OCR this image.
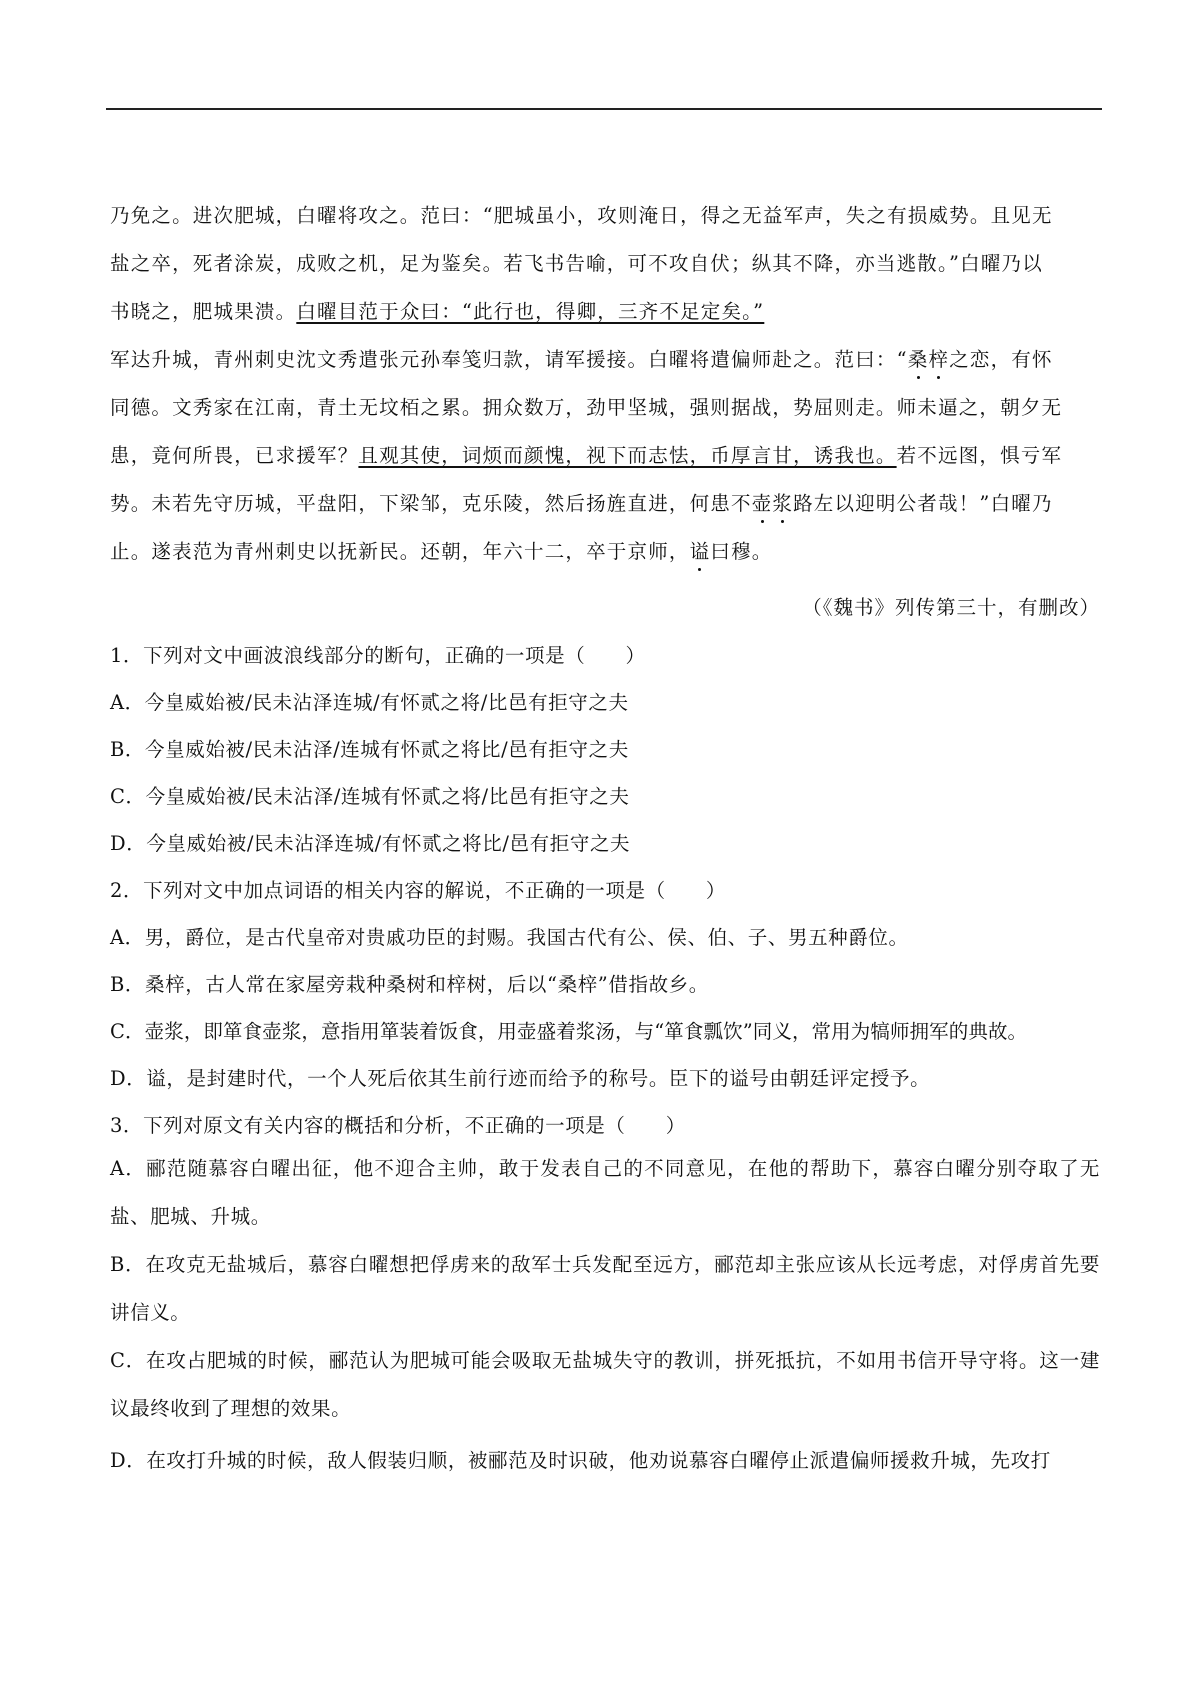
乃免之。进次肥城，白曜将攻之。范曰：“肥城虽小，攻则淹日，得之无益军声，失之有损威势。且见无
盐之卒，死者涂炭，成败之机，足为鉴矣。若飞书告喻，可不攻自伏；纵其不降，亦当逃散。”白曜乃以
书晓之，肥城果溃。白曜目范于众曰：“此行也，得卿，三齐不足定矣。”
军达升城，青州刺史沈文秀遣张元孙奉笺归款，请军援接。白曜将遣偏师赴之。范曰：“桑梓之恋，有怀
同德。文秀家在江南，青土无坟栢之累。拥众数万，劲甲坚城，强则据战，势屈则走。师未逼之，朝夕无
患，竟何所畏，已求援军？且观其使，词烦而颜愧，视下而志怯，币厚言甘，诱我也。若不远图，惧亏军
势。未若先守历城，平盘阳，下梁邹，克乐陵，然后扬旌直进，何患不壶浆路左以迎明公者哉！”白曜乃
止。遂表范为青州刺史以抚新民。还朝，年六十二，卒于京师，谥曰穆。
（《魏书》列传第三十，有删改）
1．下列对文中画波浪线部分的断句，正确的一项是（　　）
A．今皇威始被/民未沾泽连城/有怀贰之将/比邑有拒守之夫
B．今皇威始被/民未沾泽/连城有怀贰之将比/邑有拒守之夫
C．今皇威始被/民未沾泽/连城有怀贰之将/比邑有拒守之夫
D．今皇威始被/民未沾泽连城/有怀贰之将比/邑有拒守之夫
2．下列对文中加点词语的相关内容的解说，不正确的一项是（　　）
A．男，爵位，是古代皇帝对贵戚功臣的封赐。我国古代有公、侯、伯、子、男五种爵位。
B．桑梓，古人常在家屋旁栽种桑树和梓树，后以“桑梓”借指故乡。
C．壶浆，即箪食壶浆，意指用箪装着饭食，用壶盛着浆汤，与“箪食瓢饮”同义，常用为犒师拥军的典故。
D．谥，是封建时代，一个人死后依其生前行迹而给予的称号。臣下的谥号由朝廷评定授予。
3．下列对原文有关内容的概括和分析，不正确的一项是（　　）
A．郦范随慕容白曜出征，他不迎合主帅，敢于发表自己的不同意见，在他的帮助下，慕容白曜分别夺取了无盐、肥城、升城。
B．在攻克无盐城后，慕容白曜想把俘虏来的敌军士兵发配至远方，郦范却主张应该从长远考虑，对俘虏首先要讲信义。
C．在攻占肥城的时候，郦范认为肥城可能会吸取无盐城失守的教训，拼死抵抗，不如用书信开导守将。这一建议最终收到了理想的效果。
D．在攻打升城的时候，敌人假装归顺，被郦范及时识破，他劝说慕容白曜停止派遣偏师援救升城，先攻打
